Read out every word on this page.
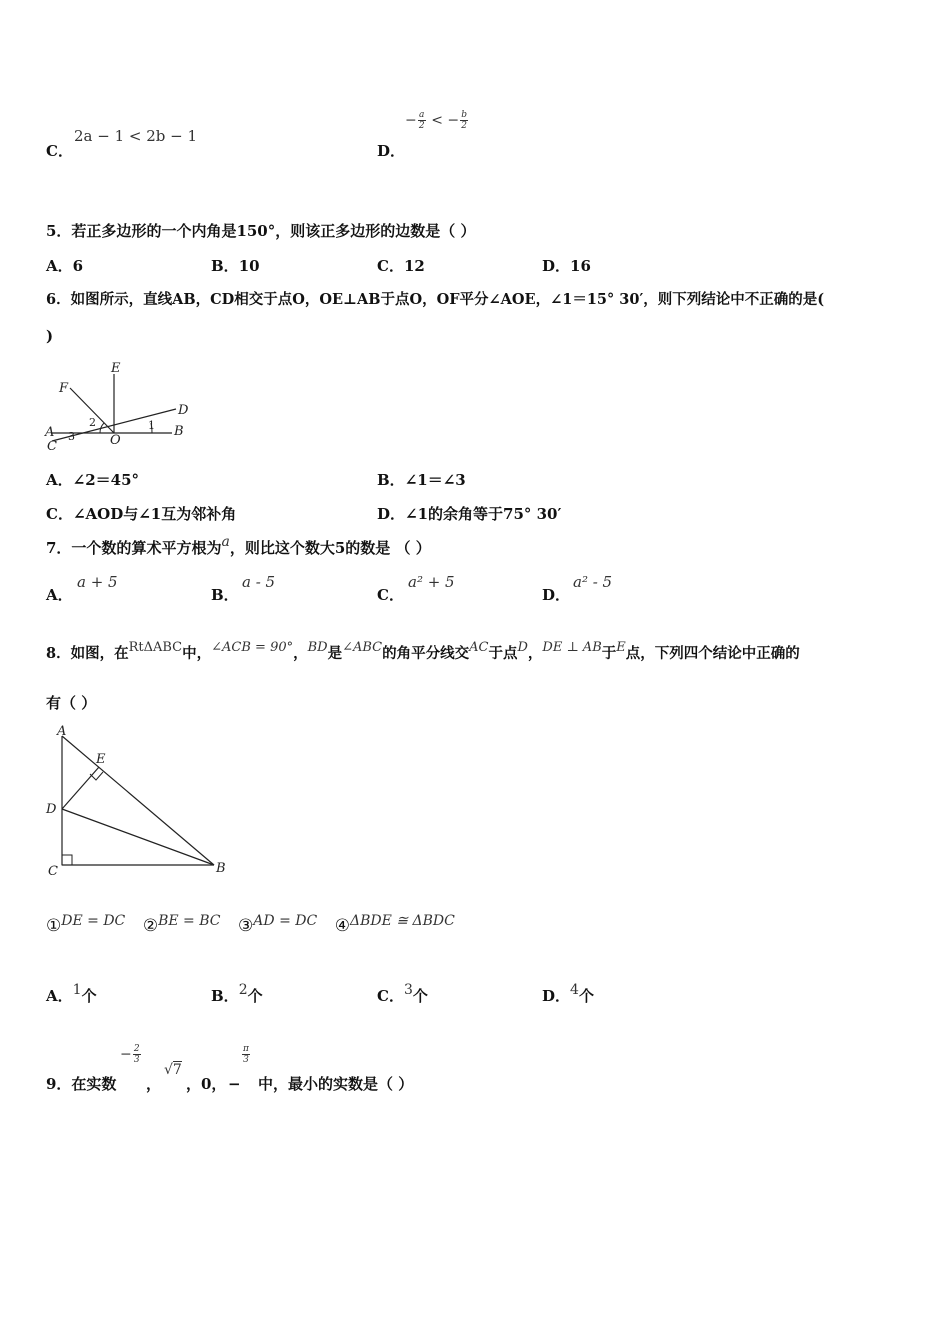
C．
2a − 1 < 2b − 1
D．
− $\frac{a}{2}$ < − $\frac{b}{2}$
5．若正多边形的一个内角是150°，则该正多边形的边数是（ ）
A．6	B．10	C．12	D．16
6．如图所示，直线AB，CD相交于点O，OE⊥AB于点O，OF平分∠AOE，∠1＝15° 30′，则下列结论中不正确的是(
)
E
F
D
A	B
C	O
1
2
3
A．∠2＝45°	B．∠1＝∠3
C．∠AOD与∠1互为邻补角	D．∠1的余角等于75° 30′
7．一个数的算术平方根为a，则比这个数大5的数是 （ ）
A．
a + 5
B．
a - 5
C．
a² + 5
D．
a² - 5
8．如图，在RtΔABC中，∠ACB = 90°，BD是∠ABC的角平分线交AC于点D，DE ⊥ AB于E点，下列四个结论中正确的
有（ ）
A
E
D
C	B
①DE = DC ②BE = BC ③AD = DC ④ΔBDE ≅ ΔBDC
A．1个	B．2个	C．3个	D．4个
9．在实数
− $\frac{2}{3}$
，
√7
，0，
$\frac{\pi}{3}$
− 中，最小的实数是（ ）
